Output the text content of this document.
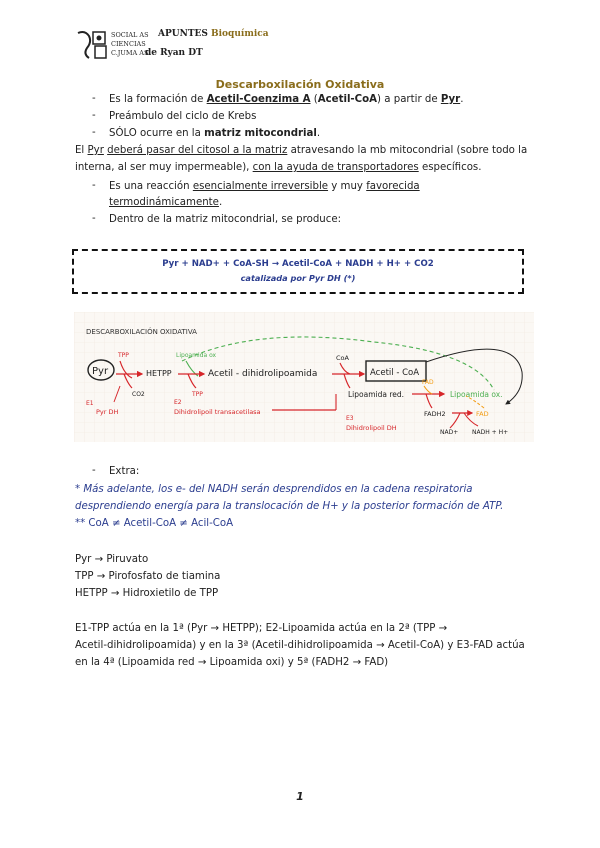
SOCIAL AS APUNTES Bioquímica
CIENCIAS
C.JUMA AS
de Ryan DT
Descarboxilación Oxidativa
- Es la formación de Acetil-Coenzima A (Acetil-CoA) a partir de Pyr.
- Preámbulo del ciclo de Krebs
- SÓLO ocurre en la matriz mitocondrial.
El Pyr deberá pasar del citosol a la matriz atravesando la mb mitocondrial (sobre todo la
interna, al ser muy impermeable), con la ayuda de transportadores específicos.
- Es una reacción esencialmente irreversible y muy favorecida
termodinámicamente.
- Dentro de la matriz mitocondrial, se produce:
Pyr + NAD+ + CoA-SH → Acetil-CoA + NADH + H+ + CO2
catalizada por Pyr DH (*)
DESCARBOXILACIÓN OXIDATIVA
Pyr
TPP
CO2
HETPP
Lipoamida ox
TPP
Acetil - dihidrolipoamida
CoA
Acetil - CoA
Lipoamida red.
FAD
Lipoamida ox.
FADH2	FAD
NAD+ NADH + H+
E1
Pyr DH
E2
Dihidrolipoil transacetilasa
E3
Dihidrolipoil DH
- Extra:
* Más adelante, los e- del NADH serán desprendidos en la cadena respiratoria
desprendiendo energía para la translocación de H+ y la posterior formación de ATP.
** CoA ≠ Acetil-CoA ≠ Acil-CoA
Pyr → Piruvato
TPP → Pirofosfato de tiamina
HETPP → Hidroxietilo de TPP
E1-TPP actúa en la 1ª (Pyr → HETPP); E2-Lipoamida actúa en la 2ª (TPP →
Acetil-dihidrolipoamida) y en la 3ª (Acetil-dihidrolipoamida → Acetil-CoA) y E3-FAD actúa
en la 4ª (Lipoamida red → Lipoamida oxi) y 5ª (FADH2 → FAD)
1
